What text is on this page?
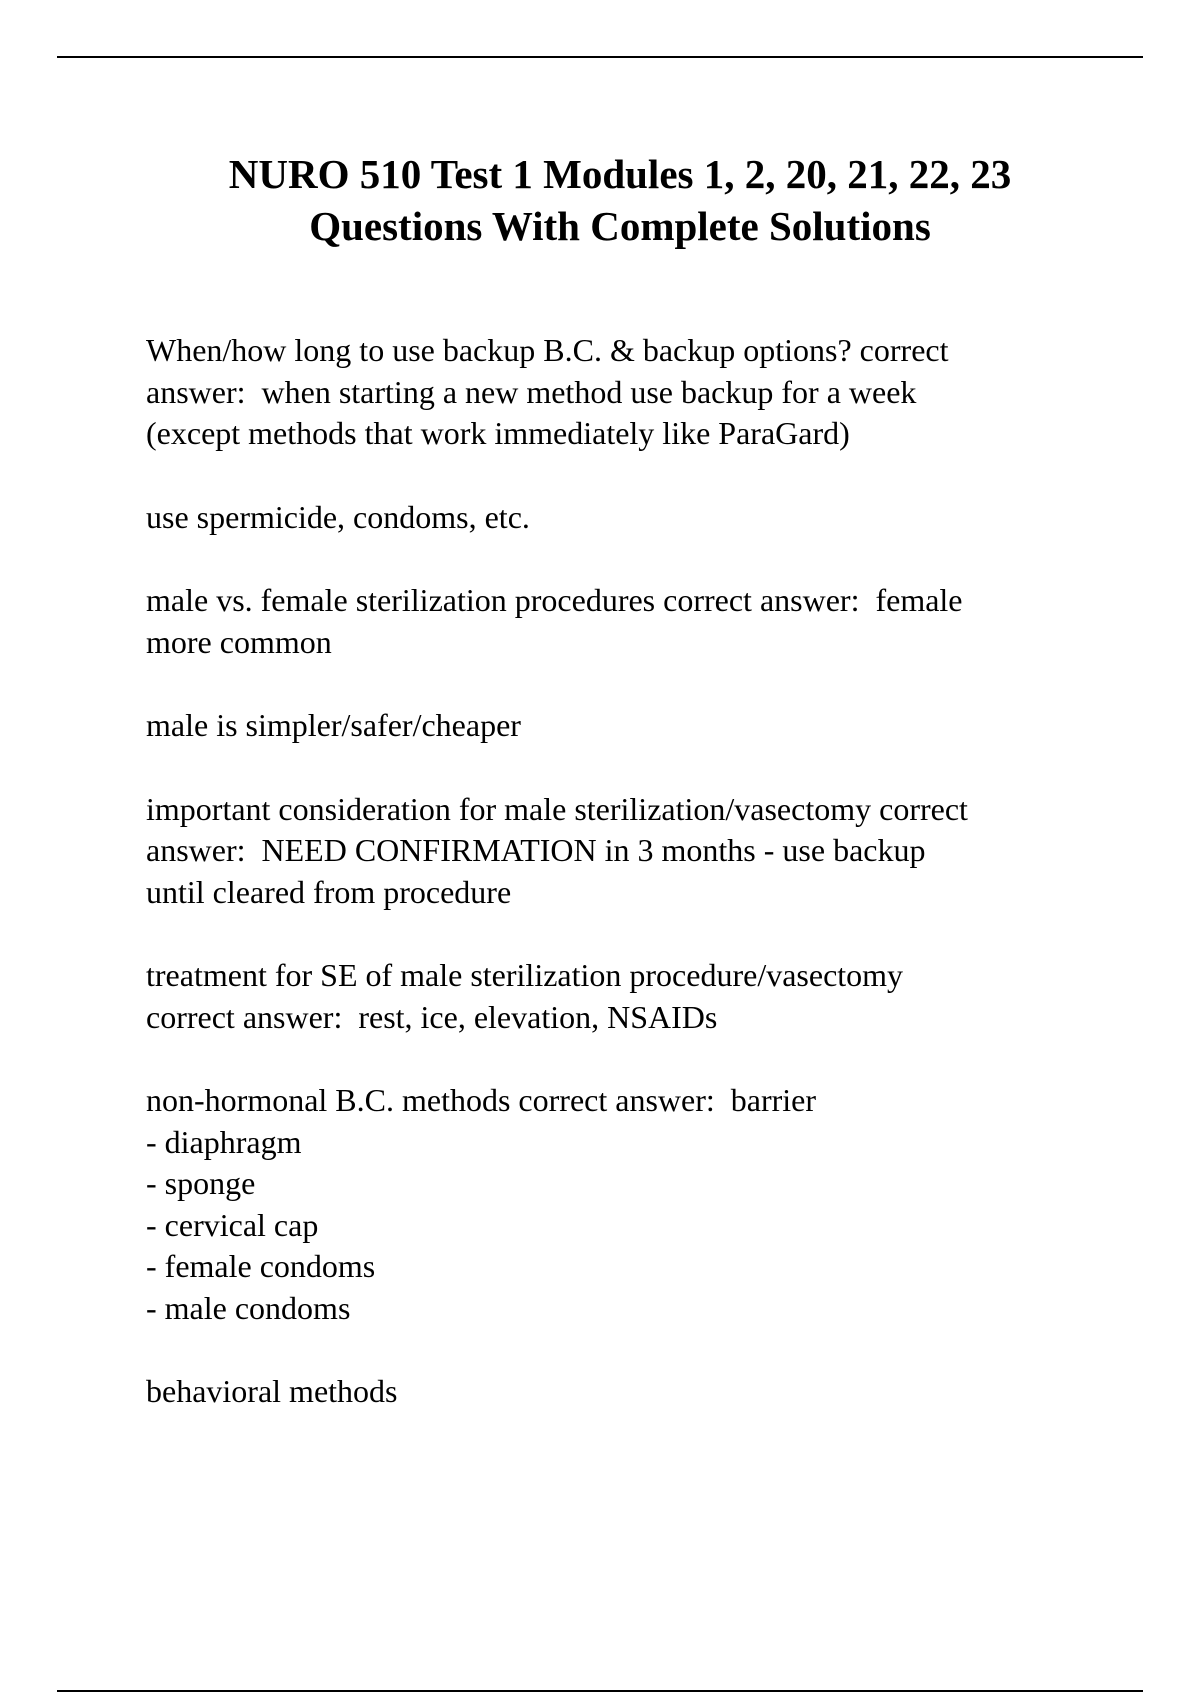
NURO 510 Test 1 Modules 1, 2, 20, 21, 22, 23
Questions With Complete Solutions

When/how long to use backup B.C. & backup options? correct
answer:  when starting a new method use backup for a week
(except methods that work immediately like ParaGard)

use spermicide, condoms, etc.

male vs. female sterilization procedures correct answer:  female
more common

male is simpler/safer/cheaper

important consideration for male sterilization/vasectomy correct
answer:  NEED CONFIRMATION in 3 months - use backup
until cleared from procedure

treatment for SE of male sterilization procedure/vasectomy
correct answer:  rest, ice, elevation, NSAIDs

non-hormonal B.C. methods correct answer:  barrier
- diaphragm
- sponge
- cervical cap
- female condoms
- male condoms

behavioral methods
